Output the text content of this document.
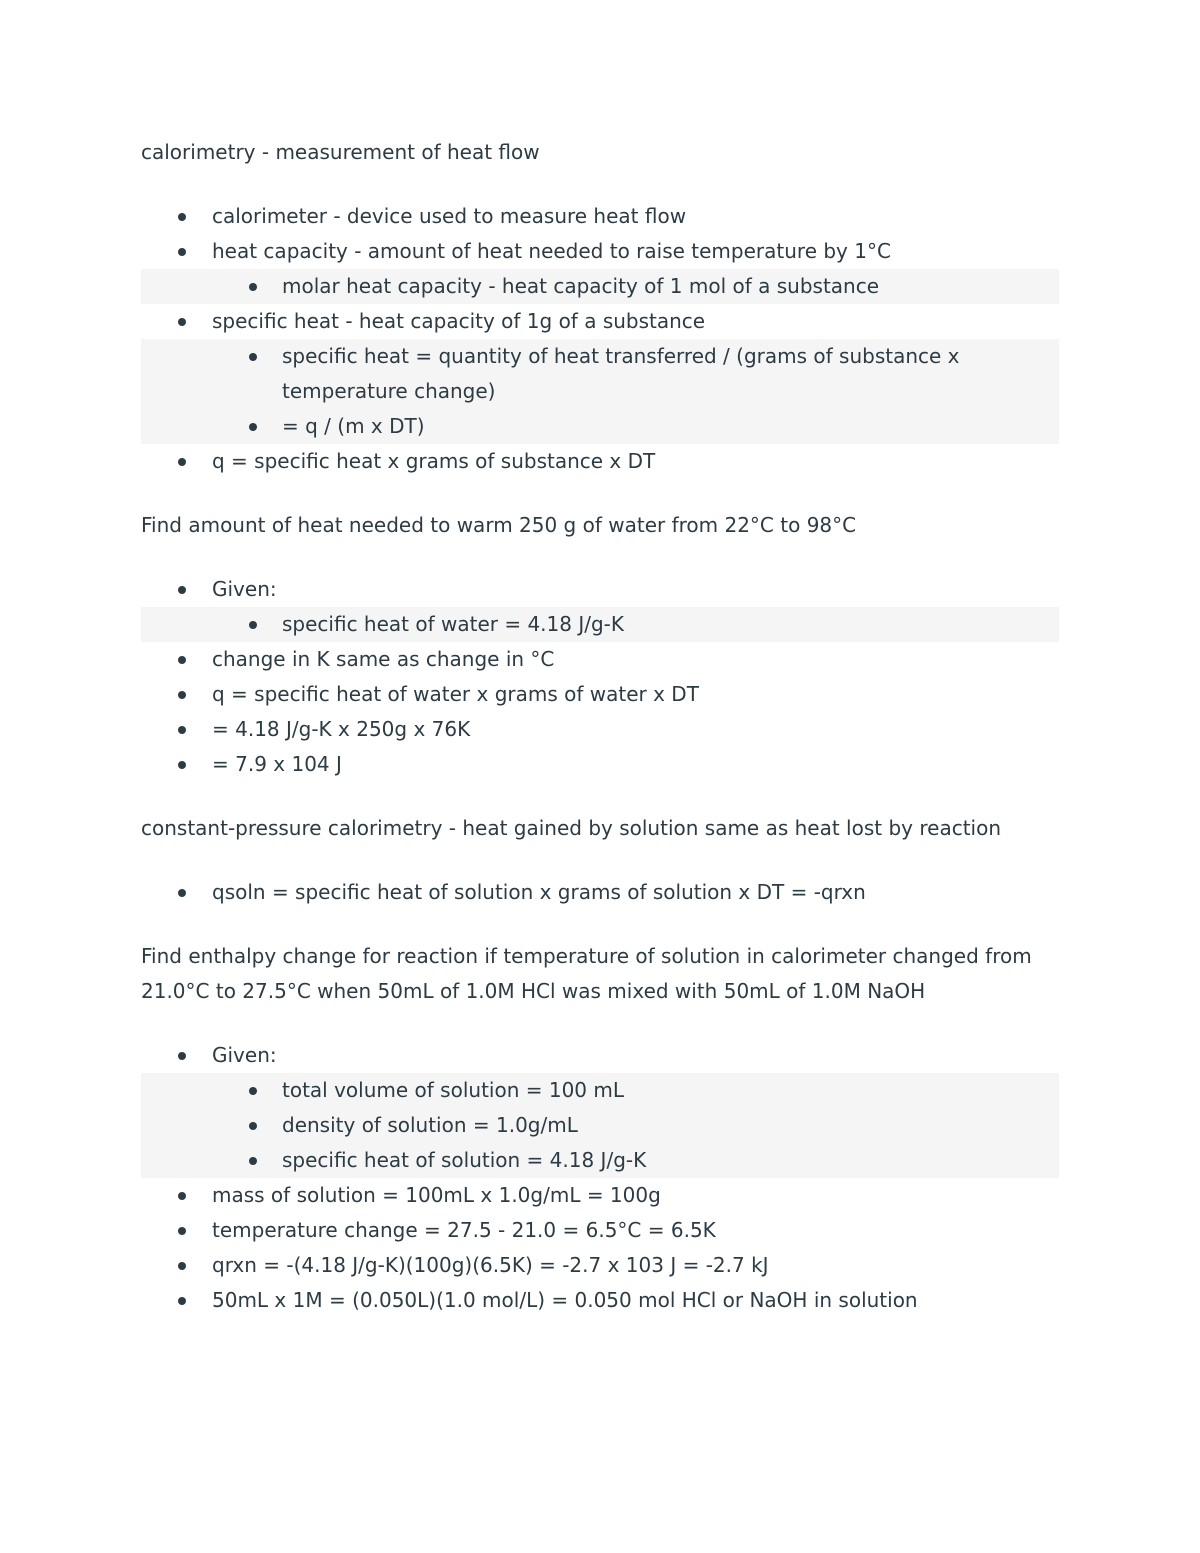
calorimetry - measurement of heat flow

calorimeter - device used to measure heat flow
heat capacity - amount of heat needed to raise temperature by 1°C
molar heat capacity - heat capacity of 1 mol of a substance
specific heat - heat capacity of 1g of a substance
specific heat = quantity of heat transferred / (grams of substance x temperature change)
= q / (m x DT)
q = specific heat x grams of substance x DT

Find amount of heat needed to warm 250 g of water from 22°C to 98°C

Given:
specific heat of water = 4.18 J/g-K
change in K same as change in °C
q = specific heat of water x grams of water x DT
= 4.18 J/g-K x 250g x 76K
= 7.9 x 104 J

constant-pressure calorimetry - heat gained by solution same as heat lost by reaction

qsoln = specific heat of solution x grams of solution x DT = -qrxn

Find enthalpy change for reaction if temperature of solution in calorimeter changed from 21.0°C to 27.5°C when 50mL of 1.0M HCl was mixed with 50mL of 1.0M NaOH

Given:
total volume of solution = 100 mL
density of solution = 1.0g/mL
specific heat of solution = 4.18 J/g-K
mass of solution = 100mL x 1.0g/mL = 100g
temperature change = 27.5 - 21.0 = 6.5°C = 6.5K
qrxn = -(4.18 J/g-K)(100g)(6.5K) = -2.7 x 103 J = -2.7 kJ
50mL x 1M = (0.050L)(1.0 mol/L) = 0.050 mol HCl or NaOH in solution
